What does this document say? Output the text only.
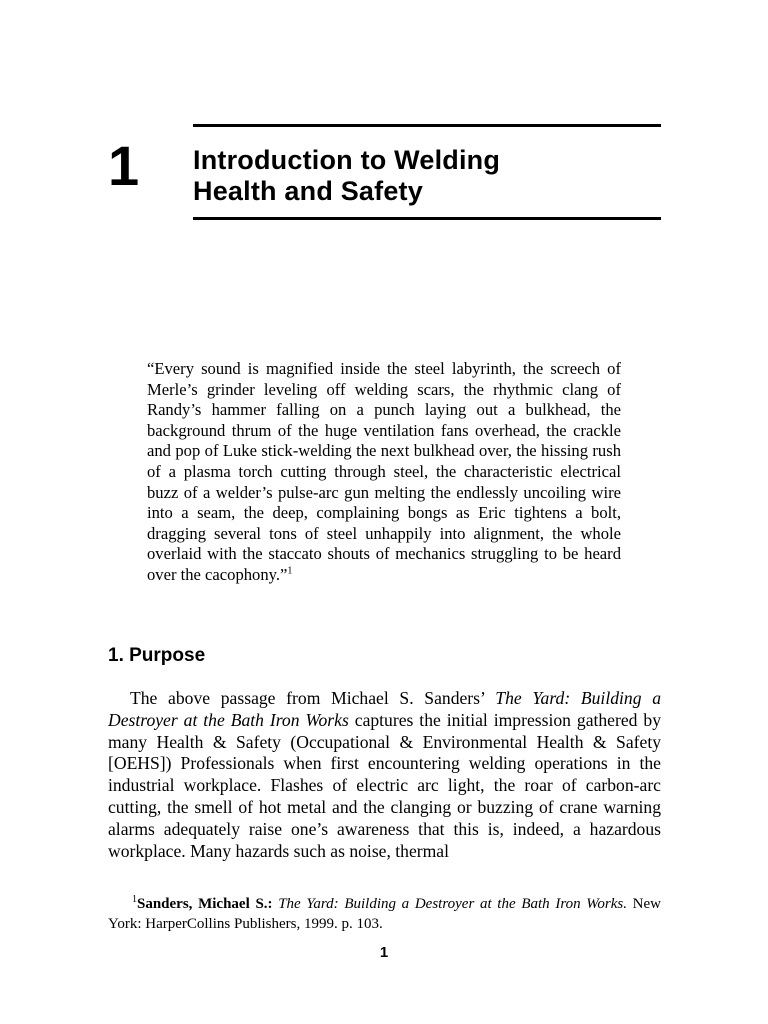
1 Introduction to Welding
Health and Safety
“Every sound is magnified inside the steel labyrinth, the screech of Merle’s grinder leveling off welding scars, the rhythmic clang of Randy’s hammer falling on a punch laying out a bulkhead, the background thrum of the huge ventilation fans overhead, the crackle and pop of Luke stick-welding the next bulkhead over, the hissing rush of a plasma torch cutting through steel, the characteristic electrical buzz of a welder’s pulse-arc gun melting the endlessly uncoiling wire into a seam, the deep, complaining bongs as Eric tightens a bolt, dragging several tons of steel unhappily into alignment, the whole overlaid with the staccato shouts of mechanics struggling to be heard over the cacophony.”$^1$
1. Purpose
The above passage from Michael S. Sanders’ The Yard: Building a Destroyer at the Bath Iron Works captures the initial impression gathered by many Health & Safety (Occupational & Environmental Health & Safety [OEHS]) Professionals when first encountering welding operations in the industrial workplace. Flashes of electric arc light, the roar of carbon-arc cutting, the smell of hot metal and the clanging or buzzing of crane warning alarms adequately raise one’s awareness that this is, indeed, a hazardous workplace. Many hazards such as noise, thermal
$^1$Sanders, Michael S.: The Yard: Building a Destroyer at the Bath Iron Works. New York: HarperCollins Publishers, 1999. p. 103.
1
